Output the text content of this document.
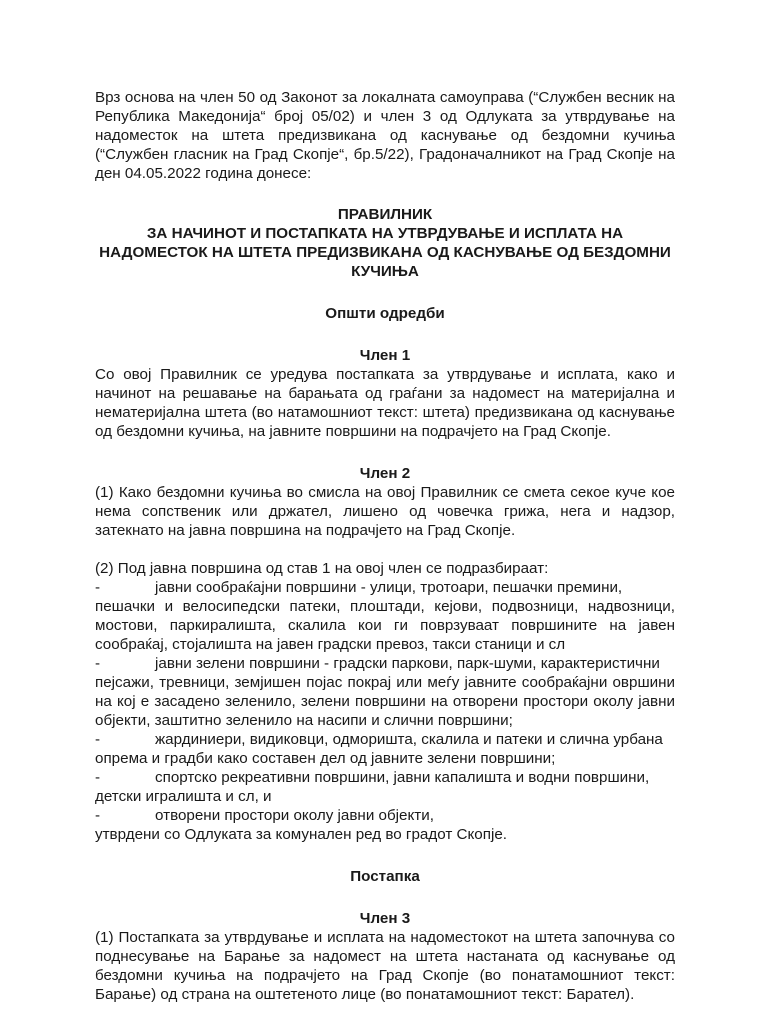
Врз основа на член 50 од Законот за локалната самоуправа (“Службен весник на Република Македонија“ број 05/02) и член 3 од Одлуката за утврдување на надоместок на штета предизвикана од каснување од бездомни кучиња (“Службен гласник на Град Скопје“, бр.5/22), Градоначалникот на Град Скопје на ден 04.05.2022 година донесе:

ПРАВИЛНИК
ЗА НАЧИНОТ И ПОСТАПКАТА НА УТВРДУВАЊЕ И ИСПЛАТА НА НАДОМЕСТОК НА ШТЕТА ПРЕДИЗВИКАНА ОД КАСНУВАЊЕ ОД БЕЗДОМНИ КУЧИЊА
Општи одредби
Член 1

Со овој Правилник се уредува постапката за утврдување и исплата, како и начинот на решавање на барањата од граѓани за надомест на материјална и нематеријална штета (во натамошниот текст: штета) предизвикана од каснување од бездомни кучиња, на јавните површини на подрачјето на Град Скопје.

Член 2

(1) Како бездомни кучиња во смисла на овој Правилник се смета секое куче кое нема сопственик или држател, лишено од човечка грижа, нега и надзор, затекнато на јавна површина на подрачјето на Град Скопје.

(2) Под јавна површина од став 1 на овој член се подразбираат:

-	јавни сообраќајни површини - улици, тротоари, пешачки премини,
пешачки и велосипедски патеки, плоштади, кејови, подвозници, надвозници, мостови, паркиралишта, скалила кои ги поврзуваат површините на јавен сообраќај, стојалишта на јавен градски превоз, такси станици и сл
-	јавни зелени површини - градски паркови, парк-шуми, карактеристични
пејсажи, тревници, земјишен појас покрај или меѓу јавните сообраќајни овршини на кој е засадено зеленило, зелени површини на отворени простори околу јавни објекти, заштитно зеленило на насипи и слични површини;
-	жардиниери, видиковци, одморишта, скалила и патеки и слична урбана
опрема и градби како составен дел од јавните зелени површини;
-	спортско рекреативни површини, јавни капалишта и водни површини,
детски игралишта и сл, и
-	отворени простори околу јавни објекти,

утврдени со Одлуката за комунален ред во градот Скопје.

Постапка
Член 3

(1) Постапката за утврдување и исплата на надоместокот на штета започнува со поднесување на Барање за надомест на штета настаната од каснување од бездомни кучиња на подрачјето на Град Скопје (во понатамошниот текст: Барање) од страна на оштетеното лице (во понатамошниот текст: Барател).
